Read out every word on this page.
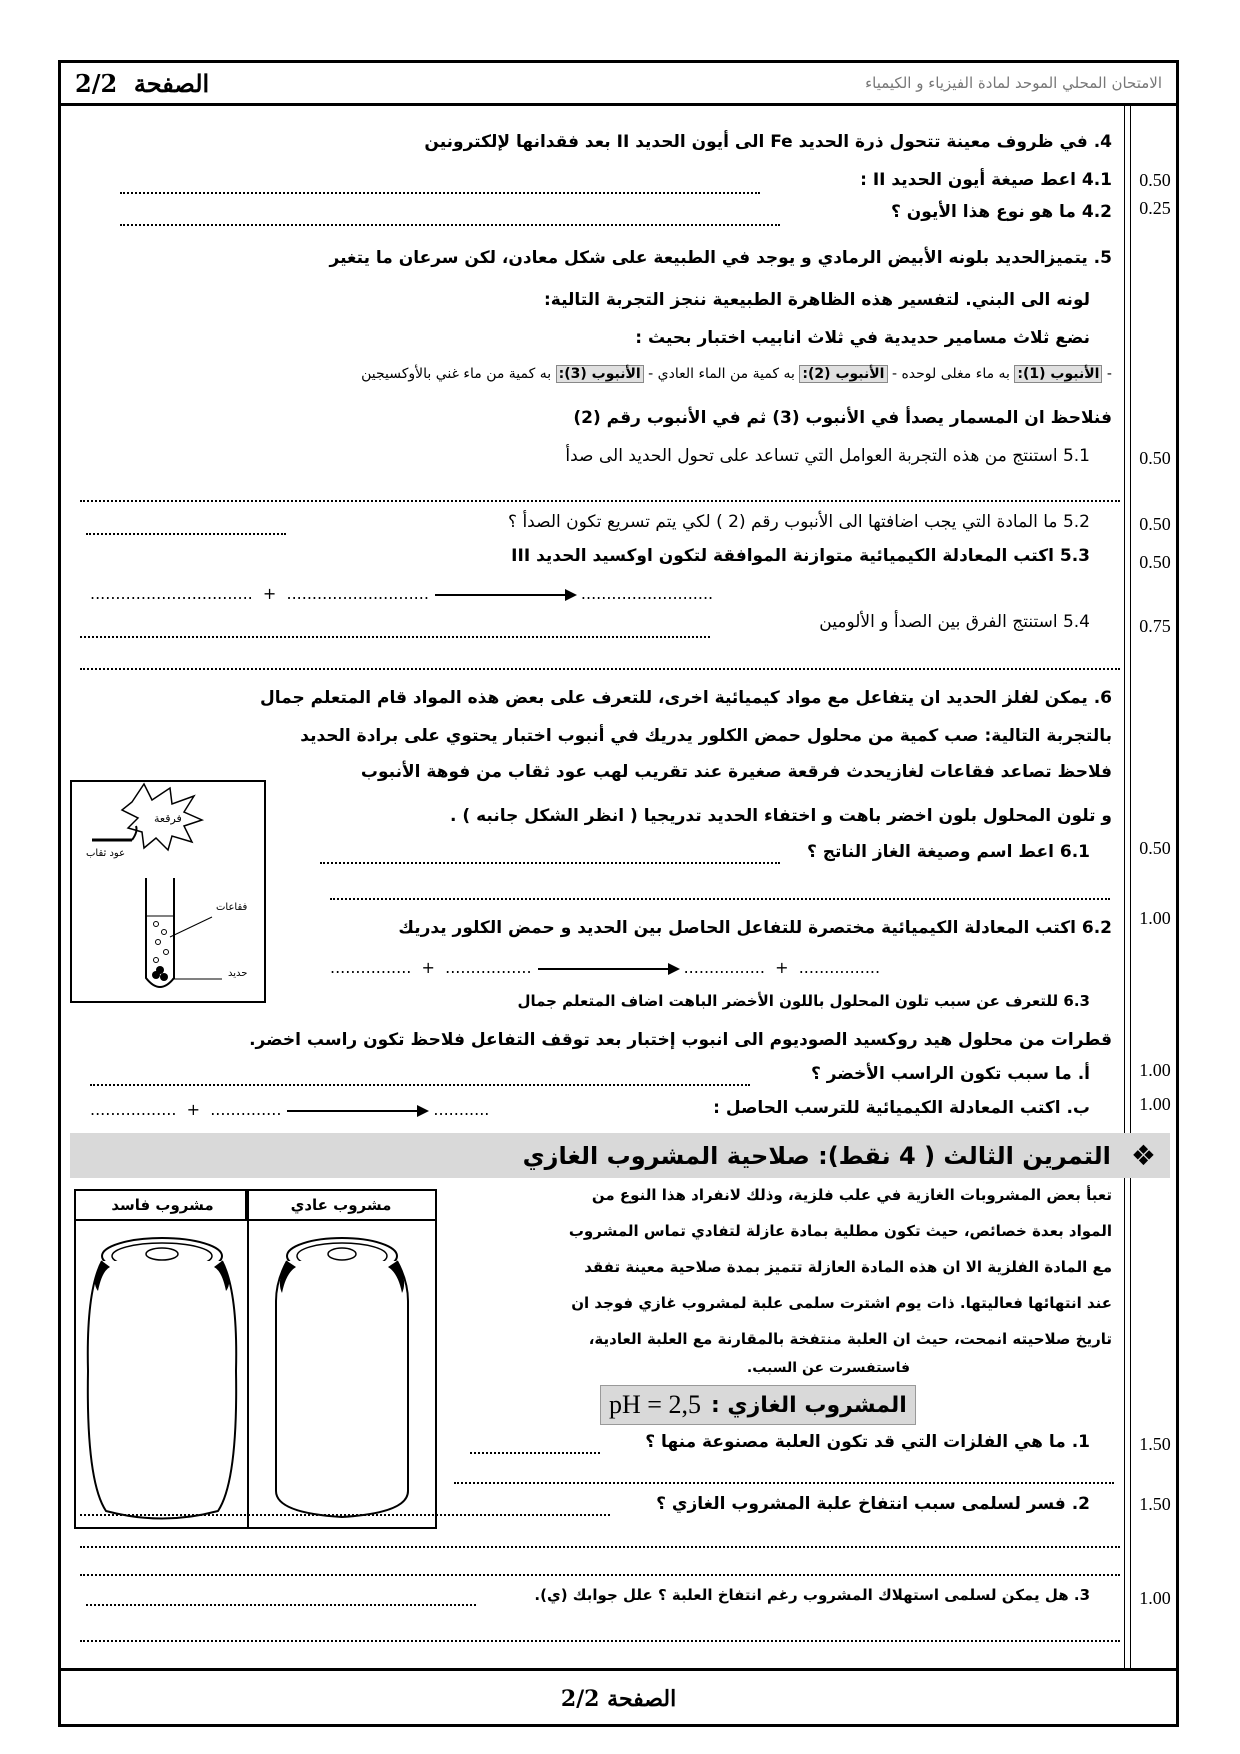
الصفحة  2/2	الامتحان المحلي الموحد لمادة الفيزياء و الكيمياء
4. في ظروف معينة تتحول ذرة الحديد Fe الى أيون الحديد II بعد فقدانها لإلكترونين
4.1 اعط صيغة أيون الحديد II : 0.50
4.2 ما هو نوع هذا الأيون ؟ 0.25
5. يتميزالحديد بلونه الأبيض الرمادي و يوجد في الطبيعة على شكل معادن، لكن سرعان ما يتغير
لونه الى البني. لتفسير هذه الظاهرة الطبيعية ننجز التجربة التالية:
نضع ثلاث مسامير حديدية في ثلاث انابيب اختبار بحيث :
- الأنبوب (1): به ماء مغلى لوحده - الأنبوب (2): به كمية من الماء العادي - الأنبوب (3): به كمية من ماء غني بالأوكسيجين
فنلاحظ ان المسمار يصدأ في الأنبوب (3) ثم في الأنبوب رقم (2)
5.1 استنتج من هذه التجربة العوامل التي تساعد على تحول الحديد الى صدأ	0.50
5.2 ما المادة التي يجب اضافتها الى الأنبوب رقم (2 ) لكي يتم تسريع تكون الصدأ ؟	0.50
5.3 اكتب المعادلة الكيميائية متوازنة الموافقة لتكون اوكسيد الحديد III	0.50
................................  +  ............................	..........................
5.4 استنتج الفرق بين الصدأ و الألومين	0.75
6. يمكن لفلز الحديد ان يتفاعل مع مواد كيميائية اخرى، للتعرف على بعض هذه المواد قام المتعلم جمال
بالتجربة التالية: صب كمية من محلول حمض الكلور يدريك في أنبوب اختبار يحتوي على برادة الحديد
فلاحظ تصاعد فقاعات لغازيحدث فرقعة صغيرة عند تقريب لهب عود ثقاب من فوهة الأنبوب
و تلون المحلول بلون اخضر باهت و اختفاء الحديد تدريجيا ( انظر الشكل جانبه ) .
6.1 اعط اسم وصيغة الغاز الناتج ؟	0.50
6.2 اكتب المعادلة الكيميائية مختصرة للتفاعل الحاصل بين الحديد و حمض الكلور يدريك 1.00
................  +  .................	................  +  ................
6.3 للتعرف عن سبب تلون المحلول باللون الأخضر الباهت اضاف المتعلم جمال
قطرات من محلول هيد روكسيد الصوديوم الى انبوب إختبار بعد توقف التفاعل فلاحظ تكون راسب اخضر.
أ. ما سبب تكون الراسب الأخضر ؟	1.00
ب. اكتب المعادلة الكيميائية للترسب الحاصل :
.................  +  ..............	...........	1.00
فرقعة
عود ثقاب
فقاعات
حديد
❖
التمرين الثالث ( 4 نقط): صلاحية المشروب الغازي
تعبأ بعض المشروبات الغازية في علب فلزية، وذلك لانفراد هذا النوع من
المواد بعدة خصائص، حيث تكون مطلية بمادة عازلة لتفادي تماس المشروب
مع المادة الفلزية الا ان هذه المادة العازلة تتميز بمدة صلاحية معينة تفقد
عند انتهائها فعاليتها. ذات يوم اشترت سلمى علبة لمشروب غازي فوجد ان
تاريخ صلاحيته انمحت، حيث ان العلبة منتفخة بالمقارنة مع العلبة العادية،
فاستفسرت عن السبب.
المشروب الغازي :
pH = 2,5
مشروب عادي
مشروب فاسد
1. ما هي الفلزات التي قد تكون العلبة مصنوعة منها ؟	1.50
2. فسر لسلمى سبب انتفاخ علبة المشروب الغازي ؟	1.50
3. هل يمكن لسلمى استهلاك المشروب رغم انتفاخ العلبة ؟ علل جوابك (ي).	1.00
الصفحة

2/2
